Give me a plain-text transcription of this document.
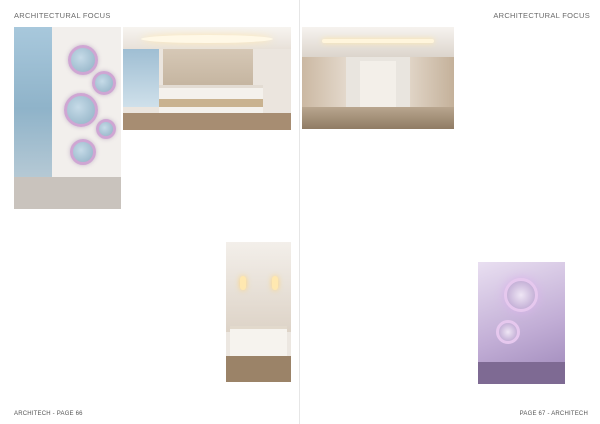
ARCHITECTURAL FOCUS
ARCHITECH - PAGE 66
ARCHITECTURAL FOCUS
PAGE 67 - ARCHITECH
